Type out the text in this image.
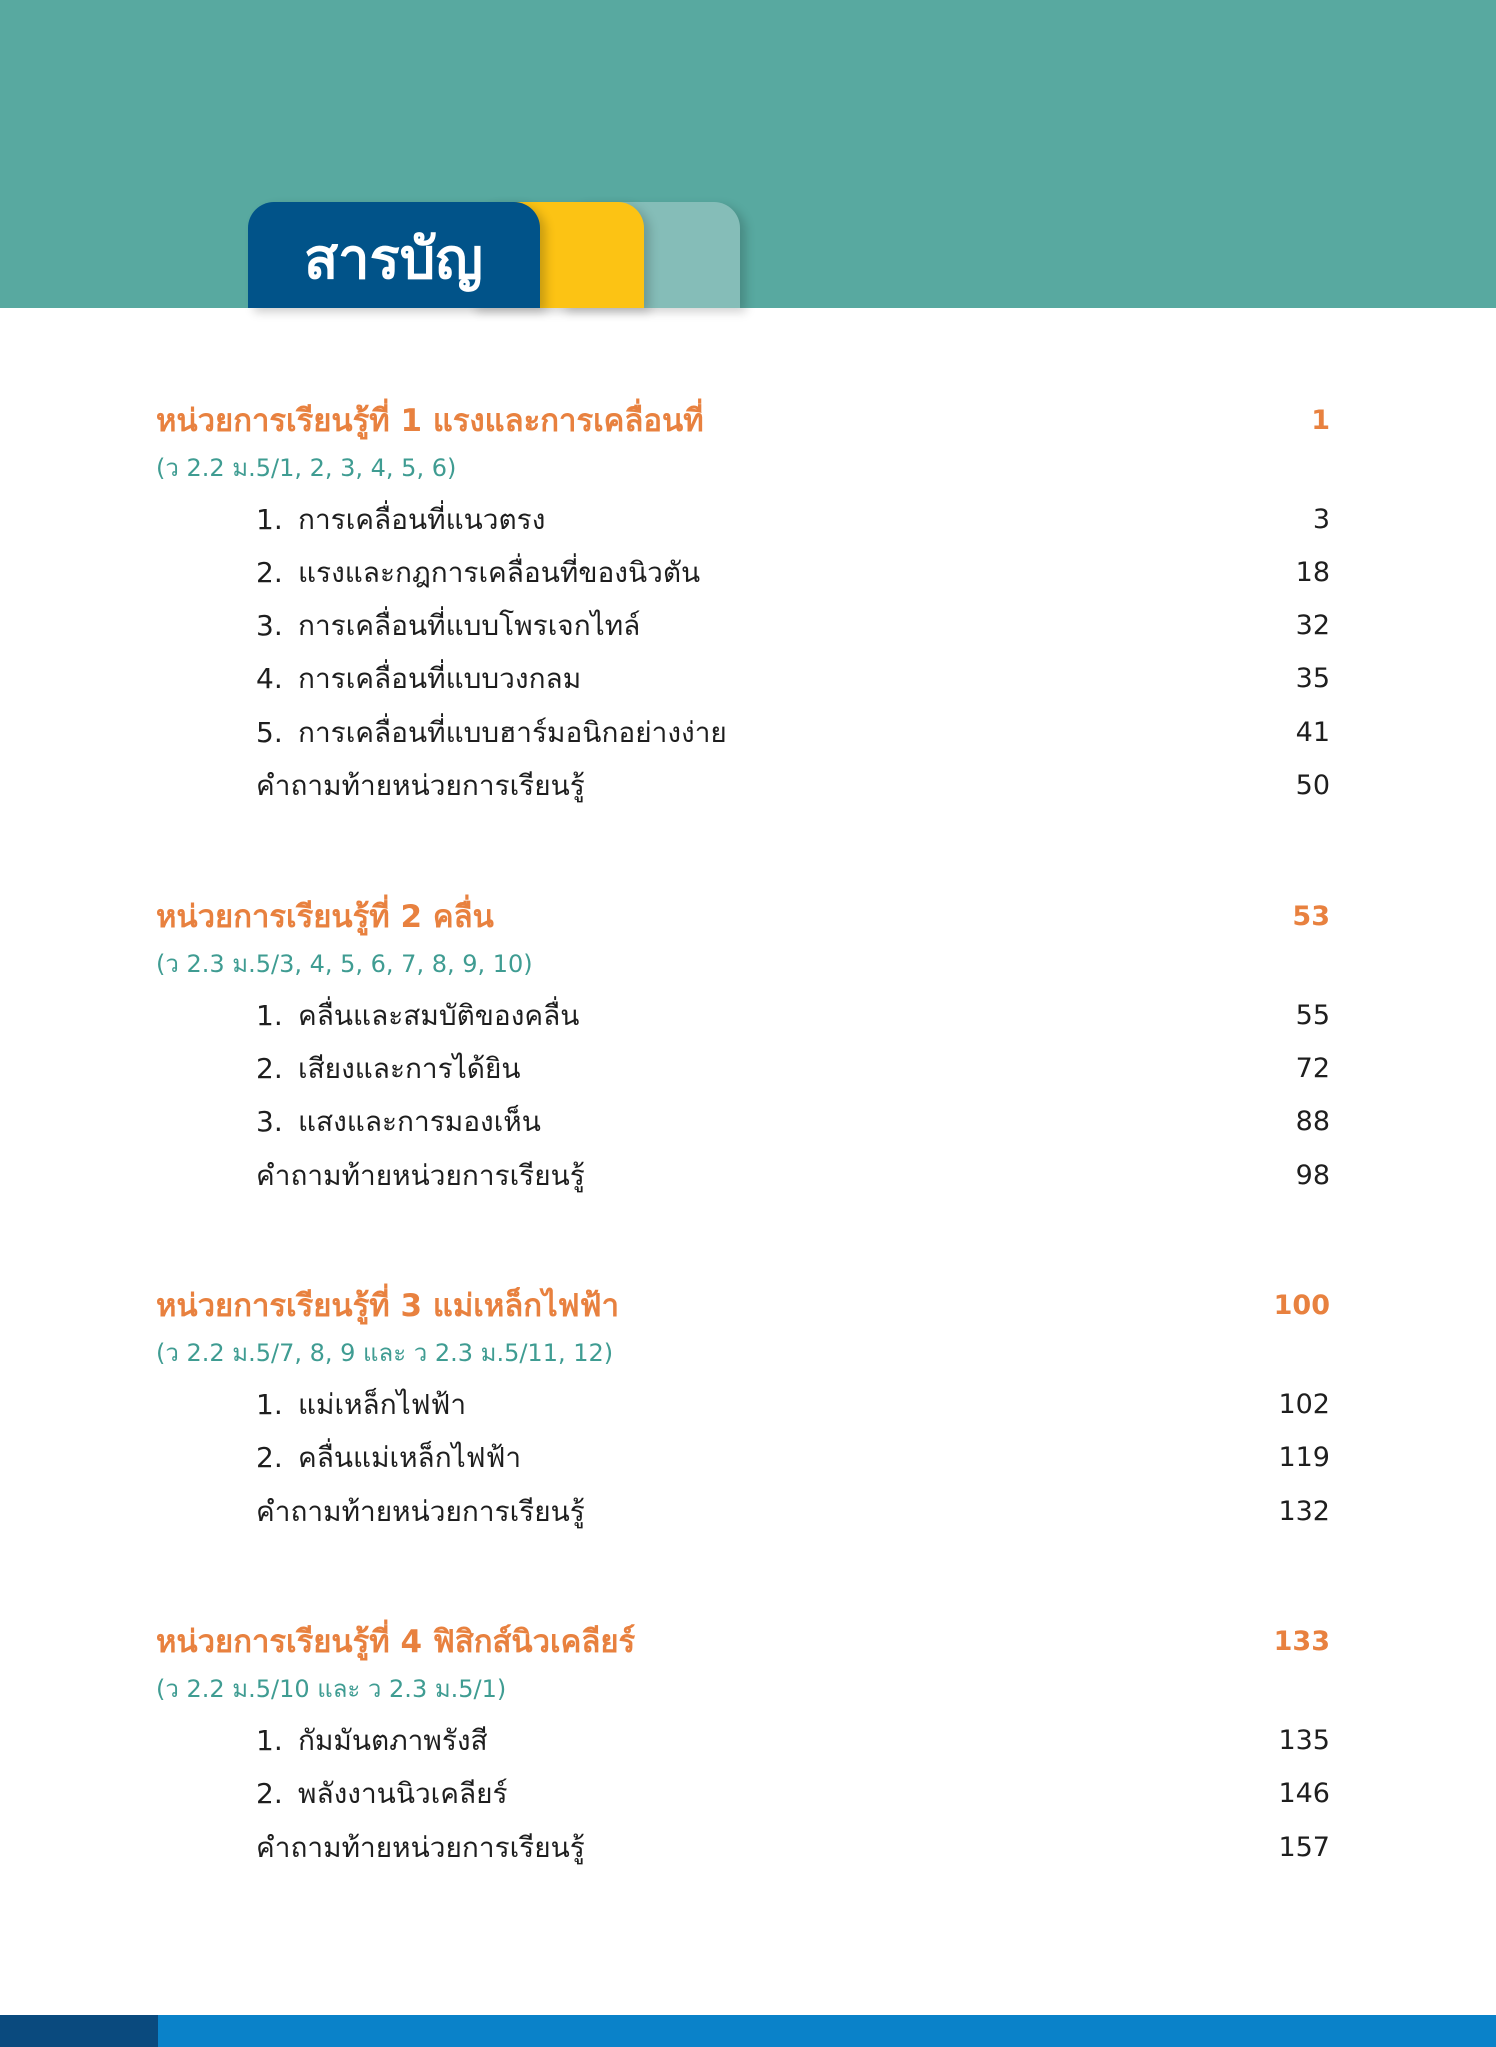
สารบัญ
หน่วยการเรียนรู้ที่ 1 แรงและการเคลื่อนที่	1
(ว 2.2 ม.5/1, 2, 3, 4, 5, 6)
1. การเคลื่อนที่แนวตรง	3
2. แรงและกฎการเคลื่อนที่ของนิวตัน	18
3. การเคลื่อนที่แบบโพรเจกไทล์	32
4. การเคลื่อนที่แบบวงกลม	35
5. การเคลื่อนที่แบบฮาร์มอนิกอย่างง่าย	41
คำถามท้ายหน่วยการเรียนรู้	50
หน่วยการเรียนรู้ที่ 2 คลื่น	53
(ว 2.3 ม.5/3, 4, 5, 6, 7, 8, 9, 10)
1. คลื่นและสมบัติของคลื่น	55
2. เสียงและการได้ยิน	72
3. แสงและการมองเห็น	88
คำถามท้ายหน่วยการเรียนรู้	98
หน่วยการเรียนรู้ที่ 3 แม่เหล็กไฟฟ้า	100
(ว 2.2 ม.5/7, 8, 9 และ ว 2.3 ม.5/11, 12)
1. แม่เหล็กไฟฟ้า	102
2. คลื่นแม่เหล็กไฟฟ้า	119
คำถามท้ายหน่วยการเรียนรู้	132
หน่วยการเรียนรู้ที่ 4 ฟิสิกส์นิวเคลียร์	133
(ว 2.2 ม.5/10 และ ว 2.3 ม.5/1)
1. กัมมันตภาพรังสี	135
2. พลังงานนิวเคลียร์	146
คำถามท้ายหน่วยการเรียนรู้	157
